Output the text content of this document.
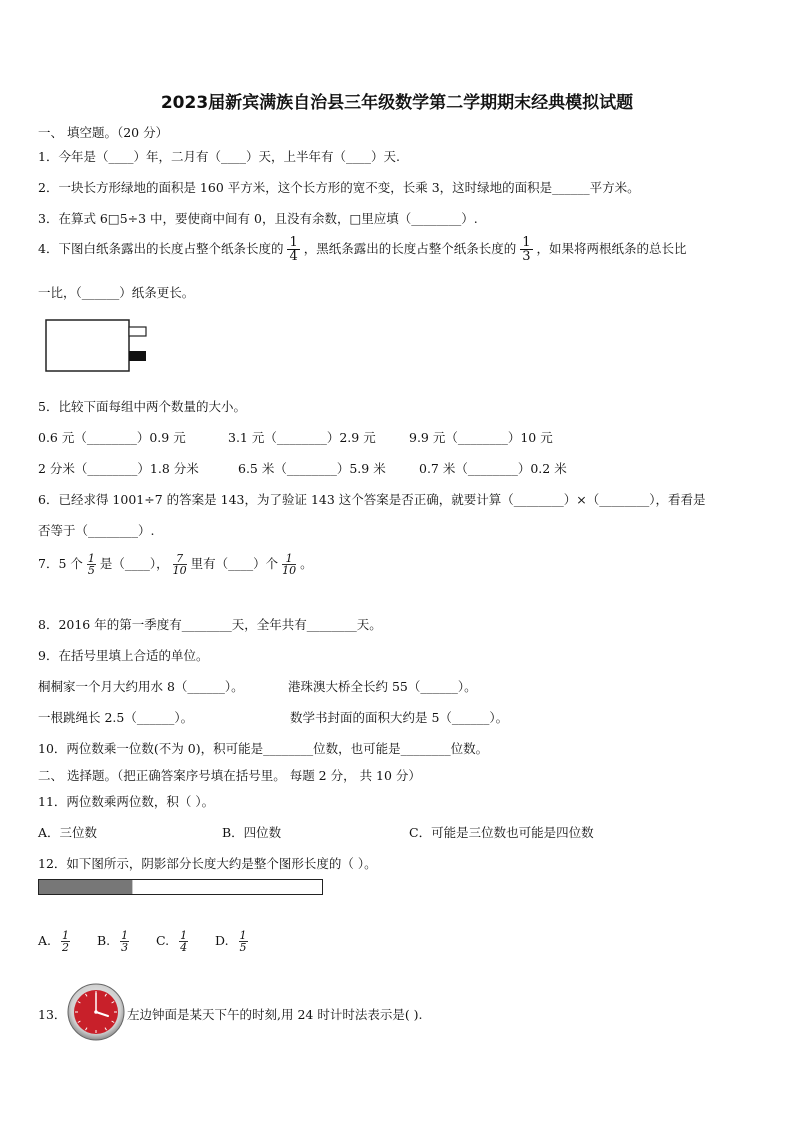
2023届新宾满族自治县三年级数学第二学期期末经典模拟试题
一、 填空题。（20 分）
1．今年是（____）年，二月有（____）天，上半年有（____）天.
2．一块长方形绿地的面积是 160 平方米，这个长方形的宽不变，长乘 3，这时绿地的面积是______平方米。
3．在算式 6□5÷3 中，要使商中间有 0，且没有余数，□里应填（________）.
4．下图白纸条露出的长度占整个纸条长度的 $\frac{1}{4}$ ，黑纸条露出的长度占整个纸条长度的 $\frac{1}{3}$ ，如果将两根纸条的总长比
一比，（______）纸条更长。
5．比较下面每组中两个数量的大小。
0.6 元（________）0.9 元	3.1 元（________）2.9 元	9.9 元（________）10 元
2 分米（________）1.8 分米	6.5 米（________）5.9 米	0.7 米（________）0.2 米
6．已经求得 1001÷7 的答案是 143，为了验证 143 这个答案是否正确，就要计算（________）×（________），看看是
否等于（________）.
7．5 个 $\frac{1}{5}$ 是（____）， $\frac{7}{10}$ 里有（____）个 $\frac{1}{10}$ 。
8．2016 年的第一季度有________天，全年共有________天。
9．在括号里填上合适的单位。
桐桐家一个月大约用水 8（______）。	港珠澳大桥全长约 55（______）。
一根跳绳长 2.5（______）。	数学书封面的面积大约是 5（______）。
10．两位数乘一位数(不为 0)，积可能是________位数，也可能是________位数。
二、 选择题。（把正确答案序号填在括号里。 每题 2 分， 共 10 分）
11．两位数乘两位数，积（ ）。
A．三位数	B．四位数	C．可能是三位数也可能是四位数
12．如下图所示，阴影部分长度大约是整个图形长度的（ ）。
A. $\frac{1}{2} B$. $\frac{1}{3} C$. $\frac{1}{4} D$. $\frac{1}{5}$
13．	左边钟面是某天下午的时刻,用 24 时计时法表示是( ).
